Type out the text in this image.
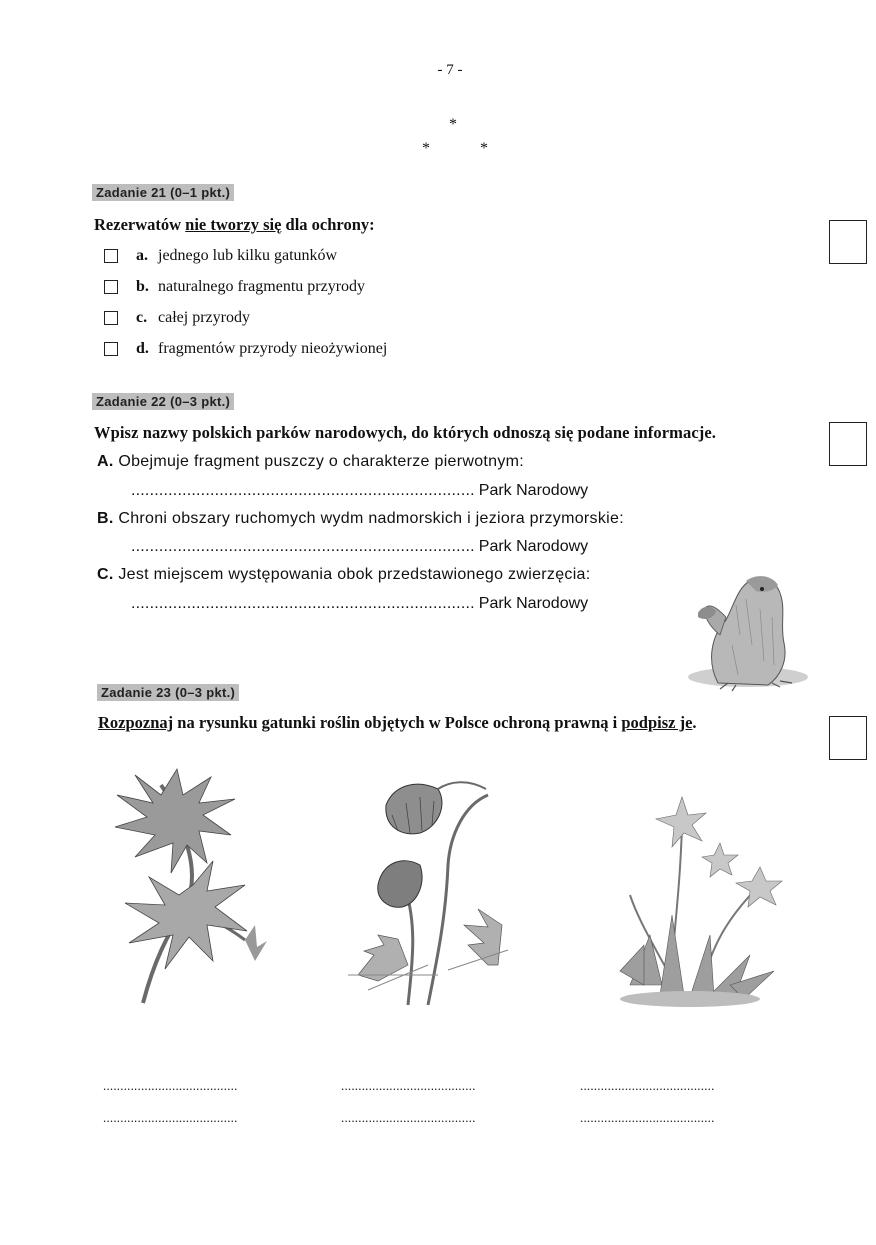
- 7 -
*
*	*
Zadanie 21 (0–1 pkt.)
Rezerwatów nie tworzy się dla ochrony:
a. jednego lub kilku gatunków
b. naturalnego fragmentu przyrody
c. całej przyrody
d. fragmentów przyrody nieożywionej
Zadanie 22 (0–3 pkt.)
Wpisz nazwy polskich parków narodowych, do których odnoszą się podane informacje.
A. Obejmuje fragment puszczy o charakterze pierwotnym:
.......................................................................... Park Narodowy
B. Chroni obszary ruchomych wydm nadmorskich i jeziora przymorskie:
.......................................................................... Park Narodowy
C. Jest miejscem występowania obok przedstawionego zwierzęcia:
.......................................................................... Park Narodowy
Zadanie 23 (0–3 pkt.)
Rozpoznaj na rysunku gatunki roślin objętych w Polsce ochroną prawną i podpisz je.
.......................................
.......................................
.......................................
.......................................
.......................................
.......................................
